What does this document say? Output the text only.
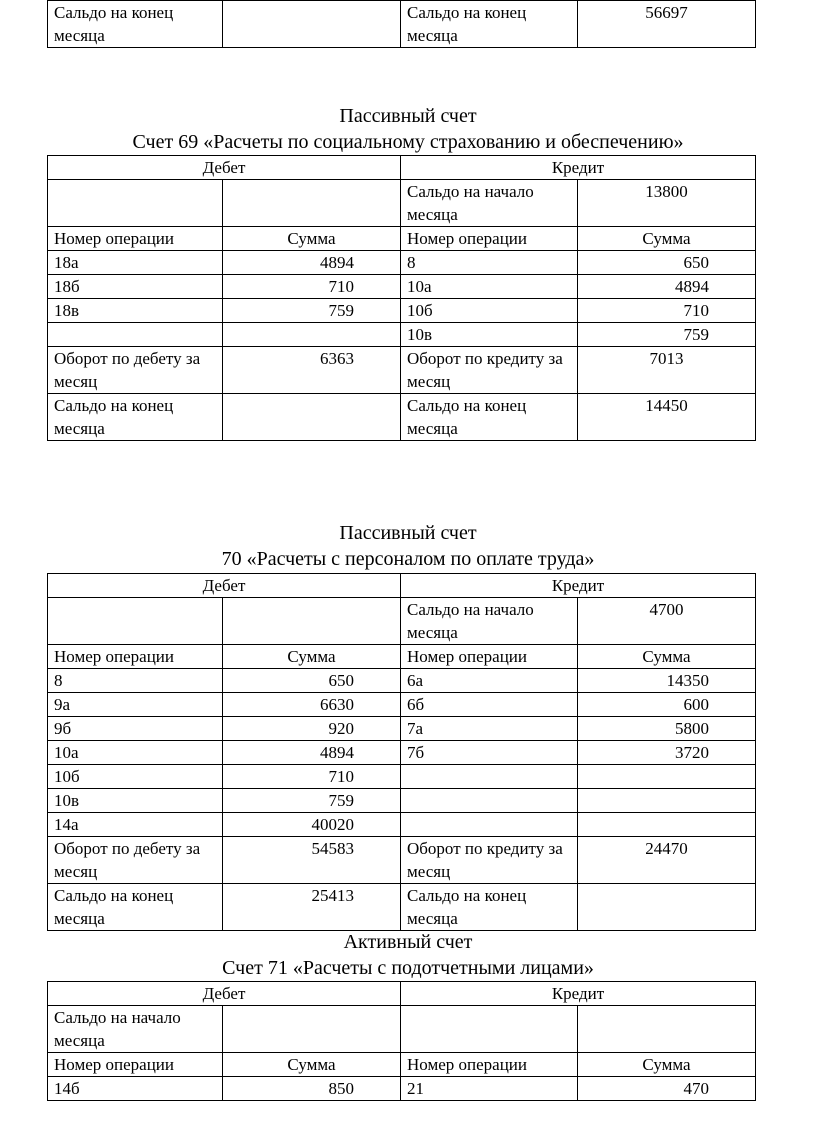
Сальдо на конец месяца		Сальдо на конец месяца	56697
Пассивный счет
Счет 69 «Расчеты по социальному страхованию и обеспечению»
Дебет		Кредит	
		Сальдо на начало месяца	13800
Номер операции	Сумма	Номер операции	Сумма
18а	4894	8	650
18б	710	10а	4894
18в	759	10б	710
		10в	759
Оборот по дебету за месяц	6363	Оборот по кредиту за месяц	7013
Сальдо на конец месяца		Сальдо на конец месяца	14450
Пассивный счет
70 «Расчеты с персоналом по оплате труда»
Дебет		Кредит	
		Сальдо на начало месяца	4700
Номер операции	Сумма	Номер операции	Сумма
8	650	6а	14350
9а	6630	6б	600
9б	920	7а	5800
10а	4894	7б	3720
10б	710		
10в	759		
14а	40020		
Оборот по дебету за месяц	54583	Оборот по кредиту за месяц	24470
Сальдо на конец месяца	25413	Сальдо на конец месяца	
Активный счет
Счет 71 «Расчеты с подотчетными лицами»
Дебет		Кредит	
Сальдо на начало месяца			
Номер операции	Сумма	Номер операции	Сумма
14б	850	21	470
